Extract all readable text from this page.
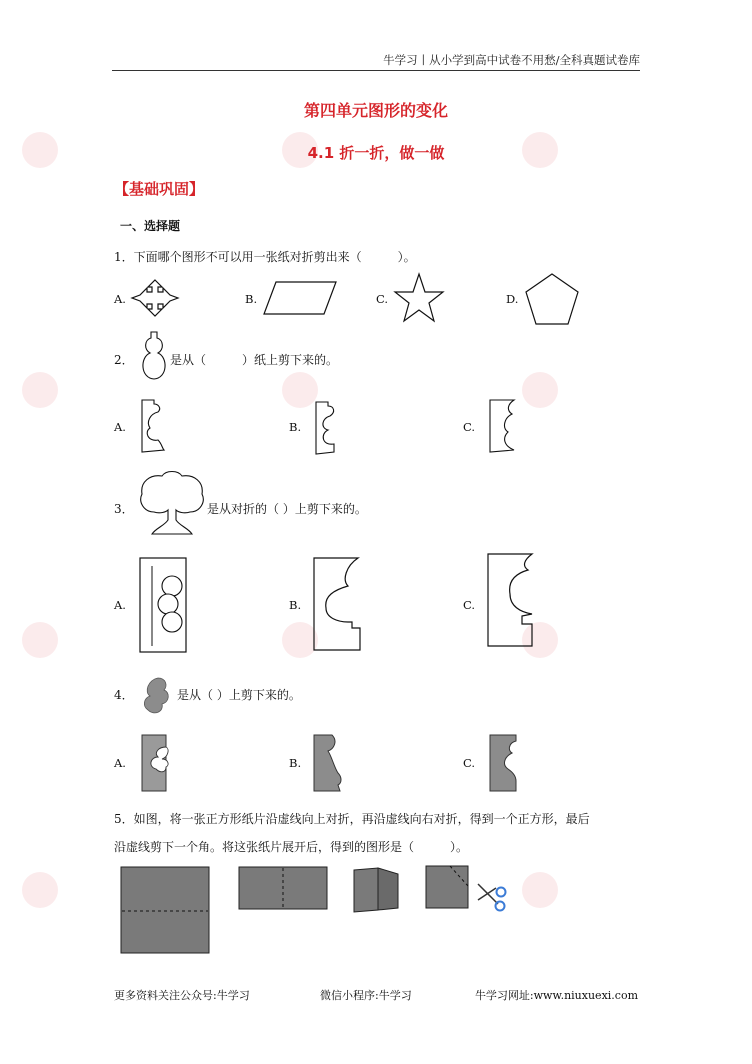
牛学习丨从小学到高中试卷不用愁/全科真题试卷库
第四单元图形的变化
4.1 折一折，做一做
【基础巩固】
一、选择题
1．下面哪个图形不可以用一张纸对折剪出来（　　　）。
A.	B.	C.	D.
2．	是从（　　　）纸上剪下来的。
A.	B.	C.
3．	是从对折的（ ）上剪下来的。
A.	B.	C.
4．	是从（ ）上剪下来的。
A.	B.	C.
5．如图，将一张正方形纸片沿虚线向上对折，再沿虚线向右对折，得到一个正方形，最后
沿虚线剪下一个角。将这张纸片展开后，得到的图形是（　　　）。
更多资料关注公众号:牛学习	微信小程序:牛学习	牛学习网址:www.niuxuexi.com
